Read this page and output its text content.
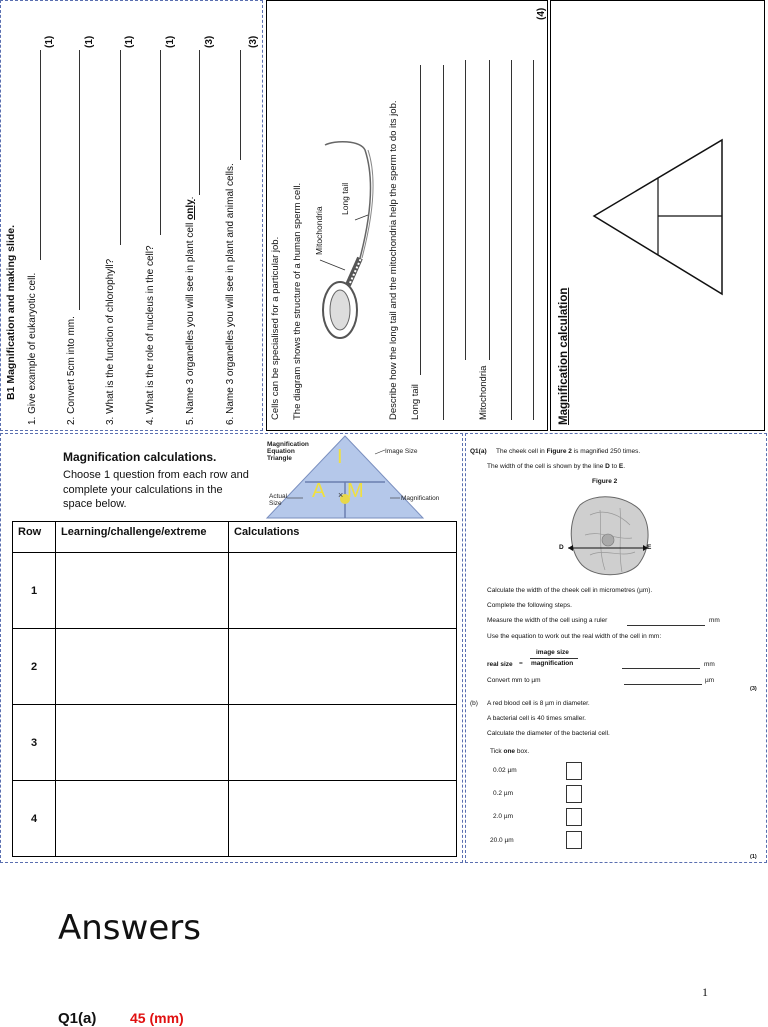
B1 Magnification and making slide. 1. Give example of eukaryotic cell.
(1)
2. Convert 5cm into mm.
(1)
3. What is the function of chlorophyll?
(1)
4. What is the role of nucleus in the cell?
(1)
5. Name 3 organelles you will see in plant cell only.
(3)
6. Name 3 organelles you will see in plant and animal cells.
(3)
Cells can be specialised for a particular job. The diagram shows the structure of a human sperm cell. Mitochondria
Long tail	Describe how the long tail and the mitochondria help the sperm to do its job. Long tail	Mitochondria
(4)
Magnification calculation
Magnification calculations.
Choose 1 question from each row and complete your calculations in the space below.
I
A × M
Magnification Equation Triangle
Image Size
Actual Size
Magnification
Row	Learning/challenge/extreme	Calculations
1		
2		
3		
4		
Q1(a) The cheek cell in Figure 2 is magnified 250 times.
The width of the cell is shown by the line D to E.
Figure 2
D	E
Calculate the width of the cheek cell in micrometres (µm).
Complete the following steps.
Measure the width of the cell using a ruler	mm
Use the equation to work out the real width of the cell in mm:
image size
magnification
real size =	mm
Convert mm to µm	µm
(3)
(b) A red blood cell is 8 µm in diameter.
A bacterial cell is 40 times smaller.
Calculate the diameter of the bacterial cell.
Tick one box.
0.02 µm
0.2 µm
2.0 µm
20.0 µm
(1)
1
Answers
Q1(a) 45 (mm)
